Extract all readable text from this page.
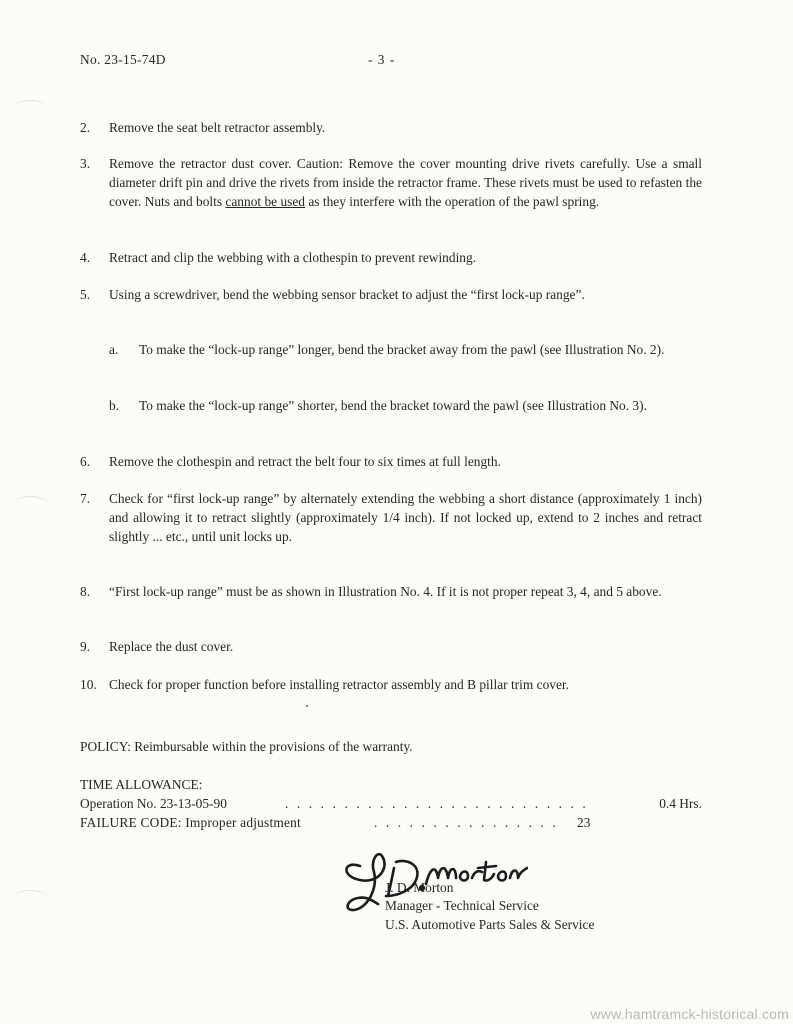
No. 23-15-74D	- 3 -
2.	Remove the seat belt retractor assembly.
3.	Remove the retractor dust cover. Caution: Remove the cover mounting drive rivets carefully. Use a small diameter drift pin and drive the rivets from inside the retractor frame. These rivets must be used to refasten the cover. Nuts and bolts cannot be used as they interfere with the operation of the pawl spring.
4.	Retract and clip the webbing with a clothespin to prevent rewinding.
5.	Using a screwdriver, bend the webbing sensor bracket to adjust the “first lock-up range”.
a.	To make the “lock-up range” longer, bend the bracket away from the pawl (see Illustration No. 2).
b.	To make the “lock-up range” shorter, bend the bracket toward the pawl (see Illustration No. 3).
6.	Remove the clothespin and retract the belt four to six times at full length.
7.	Check for “first lock-up range” by alternately extending the webbing a short distance (approximately 1 inch) and allowing it to retract slightly (approximately 1/4 inch). If not locked up, extend to 2 inches and retract slightly ... etc., until unit locks up.
8.	“First lock-up range” must be as shown in Illustration No. 4. If it is not proper repeat 3, 4, and 5 above.
9.	Replace the dust cover.
10. Check for proper function before installing retractor assembly and B pillar trim cover.
POLICY: Reimbursable within the provisions of the warranty.
TIME ALLOWANCE:
Operation No. 23-13-05-90	. . . . . . . . . . . . . . . . . . . . . . . . . .	0.4 Hrs.
FAILURE CODE: Improper adjustment	. . . . . . . . . . . . . . . . 23
J. D. Morton
Manager - Technical Service
U.S. Automotive Parts Sales & Service
www.hamtramck-historical.com
